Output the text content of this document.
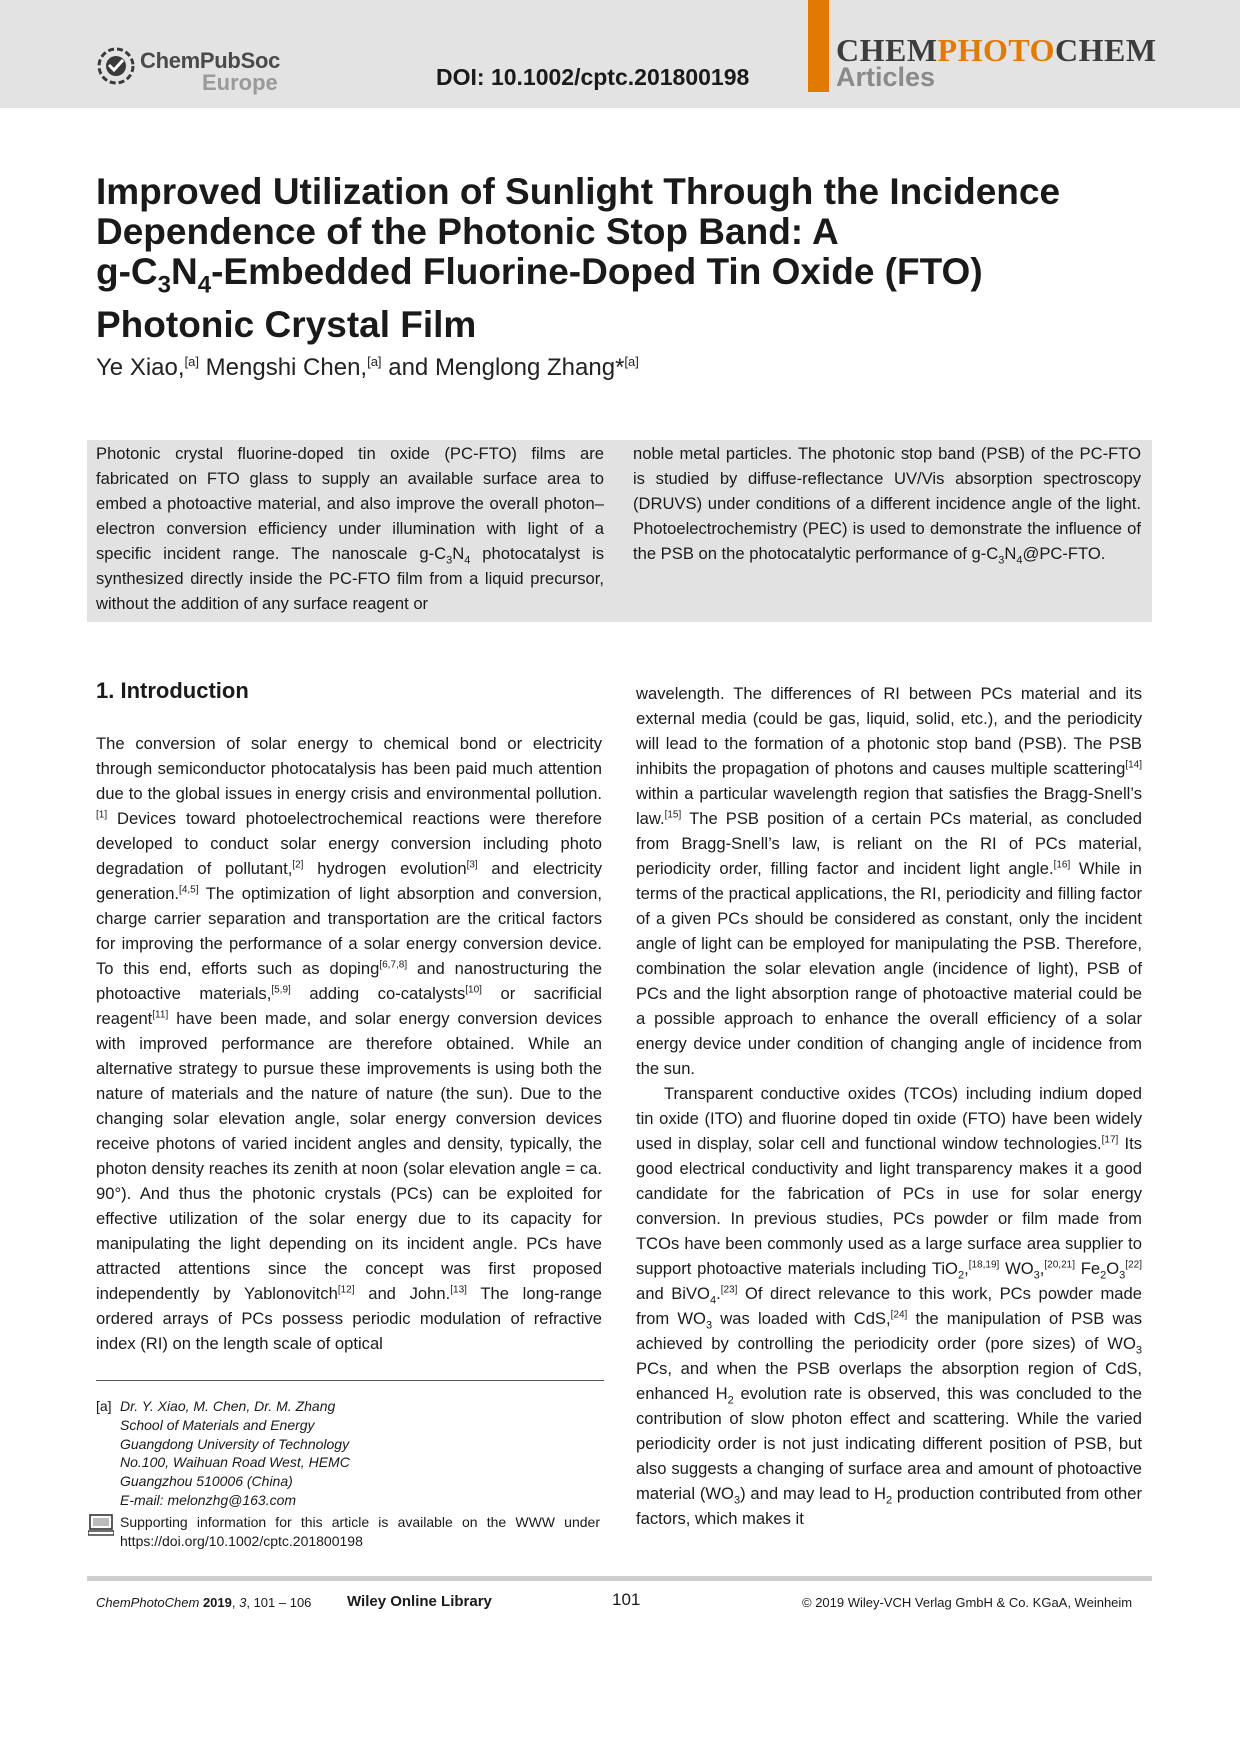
ChemPubSoc
Europe	DOI: 10.1002/cptc.201800198
CHEMPHOTOCHEM
Articles
Improved Utilization of Sunlight Through the Incidence
Dependence of the Photonic Stop Band: A
$g-C_3N_4$-Embedded Fluorine-Doped Tin Oxide (FTO)
Photonic Crystal Film
Ye Xiao,[a] Mengshi Chen,[a] and Menglong Zhang*[a]

Photonic crystal fluorine-doped tin oxide (PC-FTO) films are fabricated on FTO glass to supply an available surface area to embed a photoactive material, and also improve the overall photon–electron conversion efficiency under illumination with light of a specific incident range. The nanoscale $g-C_3N_4$ photocatalyst is synthesized directly inside the PC-FTO film from a liquid precursor, without the addition of any surface reagent or

noble metal particles. The photonic stop band (PSB) of the PC-FTO is studied by diffuse-reflectance UV/Vis absorption spectroscopy (DRUVS) under conditions of a different incidence angle of the light. Photoelectrochemistry (PEC) is used to demonstrate the influence of the PSB on the photocatalytic performance of $g-C_3N_4@PC$-FTO.

1. Introduction

The conversion of solar energy to chemical bond or electricity through semiconductor photocatalysis has been paid much attention due to the global issues in energy crisis and environmental pollution.[1] Devices toward photoelectrochemical reactions were therefore developed to conduct solar energy conversion including photo degradation of pollutant,[2] hydrogen evolution[3] and electricity generation.[4,5] The optimization of light absorption and conversion, charge carrier separation and transportation are the critical factors for improving the performance of a solar energy conversion device. To this end, efforts such as doping[6,7,8] and nanostructuring the photoactive materials,[5,9] adding co-catalysts[10] or sacrificial reagent[11] have been made, and solar energy conversion devices with improved performance are therefore obtained. While an alternative strategy to pursue these improvements is using both the nature of materials and the nature of nature (the sun). Due to the changing solar elevation angle, solar energy conversion devices receive photons of varied incident angles and density, typically, the photon density reaches its zenith at noon (solar elevation angle = ca. 90°). And thus the photonic crystals (PCs) can be exploited for effective utilization of the solar energy due to its capacity for manipulating the light depending on its incident angle. PCs have attracted attentions since the concept was first proposed independently by Yablonovitch[12] and John.[13] The long-range ordered arrays of PCs possess periodic modulation of refractive index (RI) on the length scale of optical

wavelength. The differences of RI between PCs material and its external media (could be gas, liquid, solid, etc.), and the periodicity will lead to the formation of a photonic stop band (PSB). The PSB inhibits the propagation of photons and causes multiple scattering[14] within a particular wavelength region that satisfies the Bragg-Snell’s law.[15] The PSB position of a certain PCs material, as concluded from Bragg-Snell’s law, is reliant on the RI of PCs material, periodicity order, filling factor and incident light angle.[16] While in terms of the practical applications, the RI, periodicity and filling factor of a given PCs should be considered as constant, only the incident angle of light can be employed for manipulating the PSB. Therefore, combination the solar elevation angle (incidence of light), PSB of PCs and the light absorption range of photoactive material could be a possible approach to enhance the overall efficiency of a solar energy device under condition of changing angle of incidence from the sun.

Transparent conductive oxides (TCOs) including indium doped tin oxide (ITO) and fluorine doped tin oxide (FTO) have been widely used in display, solar cell and functional window technologies.[17] Its good electrical conductivity and light transparency makes it a good candidate for the fabrication of PCs in use for solar energy conversion. In previous studies, PCs powder or film made from TCOs have been commonly used as a large surface area supplier to support photoactive materials including TiO$_2$,[18,19] $WO_3,[20,21]$ $Fe_2O_3[22]$ and BiVO$_4$.[23] Of direct relevance to this work, PCs powder made from $WO_3$ was loaded with CdS,[24] the manipulation of PSB was achieved by controlling the periodicity order (pore sizes) of $WO_3$ PCs, and when the PSB overlaps the absorption region of CdS, enhanced $H_2$ evolution rate is observed, this was concluded to the contribution of slow photon effect and scattering. While the varied periodicity order is not just indicating different position of PSB, but also suggests a changing of surface area and amount of photoactive material $(WO_3)$ and may lead to $H_2$ production contributed from other factors, which makes it

[a] Dr. Y. Xiao, M. Chen, Dr. M. Zhang
School of Materials and Energy
Guangdong University of Technology
No.100, Waihuan Road West, HEMC
Guangzhou 510006 (China)
E-mail: melonzhg@163.com

Supporting information for this article is available on the WWW under https://doi.org/10.1002/cptc.201800198

ChemPhotoChem 2019, 3, 101 – 106 Wiley Online Library	101	© 2019 Wiley-VCH Verlag GmbH & Co. KGaA, Weinheim
